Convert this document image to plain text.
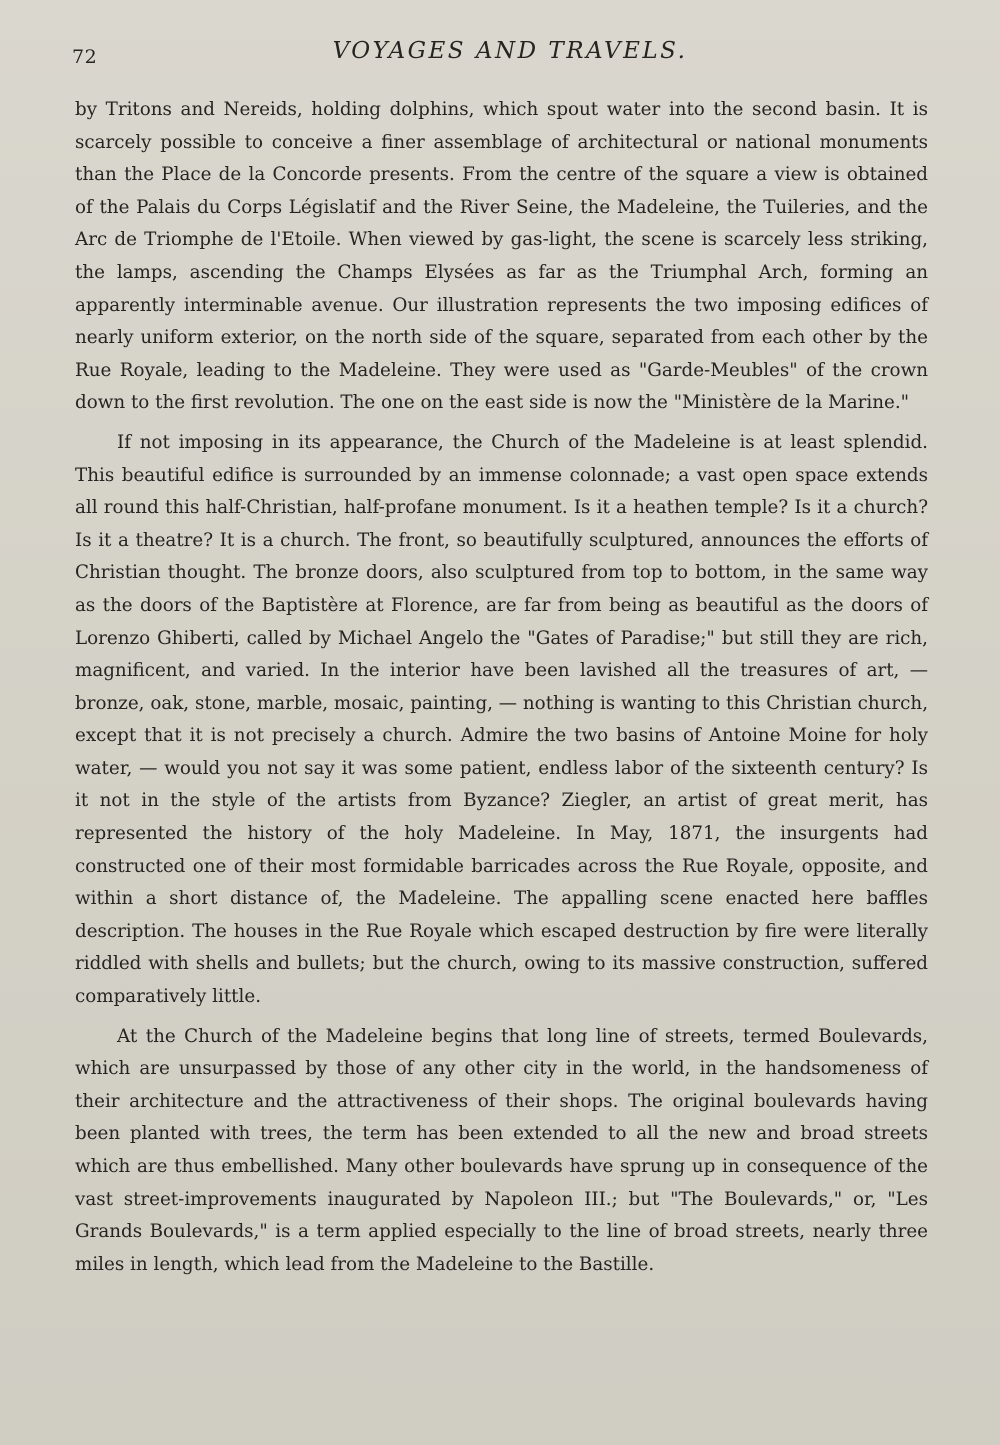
72	VOYAGES AND TRAVELS.

by Tritons and Nereids, holding dolphins, which spout water into the second basin. It is scarcely possible to conceive a finer assemblage of architectural or national monuments than the Place de la Concorde presents. From the centre of the square a view is obtained of the Palais du Corps Législatif and the River Seine, the Madeleine, the Tuileries, and the Arc de Triomphe de l'Etoile. When viewed by gas-light, the scene is scarcely less striking, the lamps, ascending the Champs Elysées as far as the Triumphal Arch, forming an apparently interminable avenue. Our illustration represents the two imposing edifices of nearly uniform exterior, on the north side of the square, separated from each other by the Rue Royale, leading to the Madeleine. They were used as "Garde-Meubles" of the crown down to the first revolution. The one on the east side is now the "Ministère de la Marine."

If not imposing in its appearance, the Church of the Madeleine is at least splendid. This beautiful edifice is surrounded by an immense colonnade; a vast open space extends all round this half-Christian, half-profane monument. Is it a heathen temple? Is it a church? Is it a theatre? It is a church. The front, so beautifully sculptured, announces the efforts of Christian thought. The bronze doors, also sculptured from top to bottom, in the same way as the doors of the Baptistère at Florence, are far from being as beautiful as the doors of Lorenzo Ghiberti, called by Michael Angelo the "Gates of Paradise;" but still they are rich, magnificent, and varied. In the interior have been lavished all the treasures of art, — bronze, oak, stone, marble, mosaic, painting, — nothing is wanting to this Christian church, except that it is not precisely a church. Admire the two basins of Antoine Moine for holy water, — would you not say it was some patient, endless labor of the sixteenth century? Is it not in the style of the artists from Byzance? Ziegler, an artist of great merit, has represented the history of the holy Madeleine. In May, 1871, the insurgents had constructed one of their most formidable barricades across the Rue Royale, opposite, and within a short distance of, the Madeleine. The appalling scene enacted here baffles description. The houses in the Rue Royale which escaped destruction by fire were literally riddled with shells and bullets; but the church, owing to its massive construction, suffered comparatively little.

At the Church of the Madeleine begins that long line of streets, termed Boulevards, which are unsurpassed by those of any other city in the world, in the handsomeness of their architecture and the attractiveness of their shops. The original boulevards having been planted with trees, the term has been extended to all the new and broad streets which are thus embellished. Many other boulevards have sprung up in consequence of the vast street-improvements inaugurated by Napoleon III.; but "The Boulevards," or, "Les Grands Boulevards," is a term applied especially to the line of broad streets, nearly three miles in length, which lead from the Madeleine to the Bastille.
